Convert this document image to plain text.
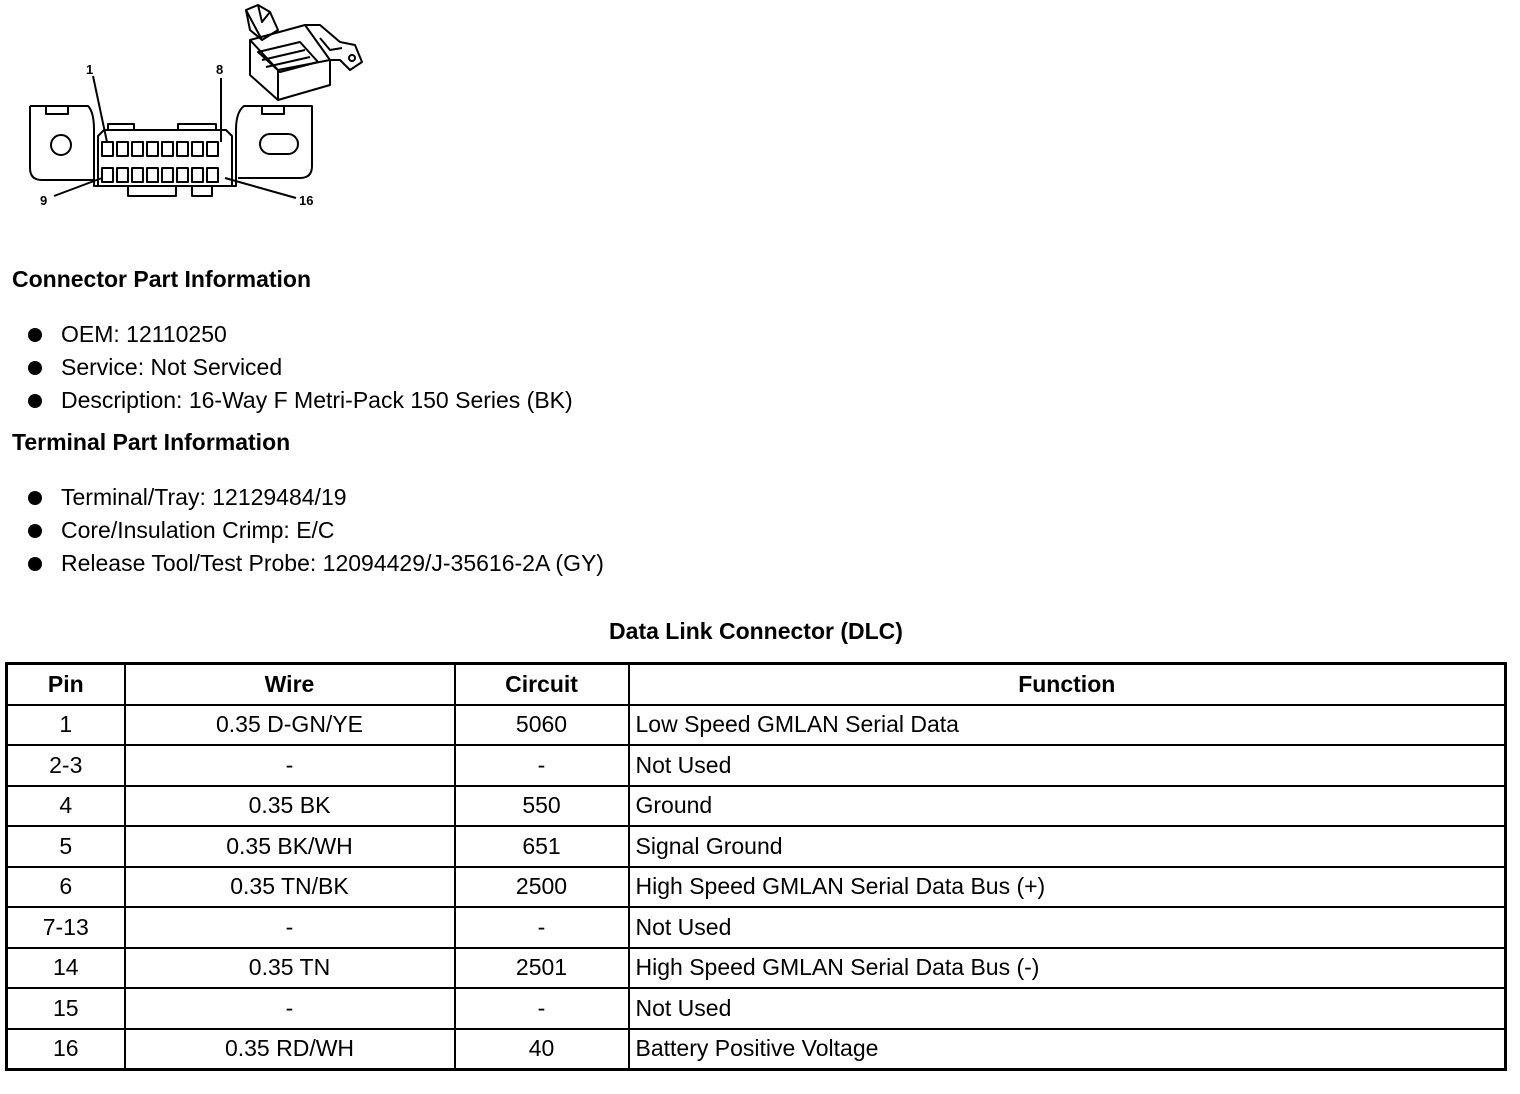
1	8
9	16
Connector Part Information
OEM: 12110250
Service: Not Serviced
Description: 16-Way F Metri-Pack 150 Series (BK)
Terminal Part Information
Terminal/Tray: 12129484/19
Core/Insulation Crimp: E/C
Release Tool/Test Probe: 12094429/J-35616-2A (GY)
Data Link Connector (DLC)
Pin	Wire	Circuit	Function
1	0.35 D-GN/YE	5060	Low Speed GMLAN Serial Data
2-3	-	-	Not Used
4	0.35 BK	550	Ground
5	0.35 BK/WH	651	Signal Ground
6	0.35 TN/BK	2500	High Speed GMLAN Serial Data Bus (+)
7-13	-	-	Not Used
14	0.35 TN	2501	High Speed GMLAN Serial Data Bus (-)
15	-	-	Not Used
16	0.35 RD/WH	40	Battery Positive Voltage
